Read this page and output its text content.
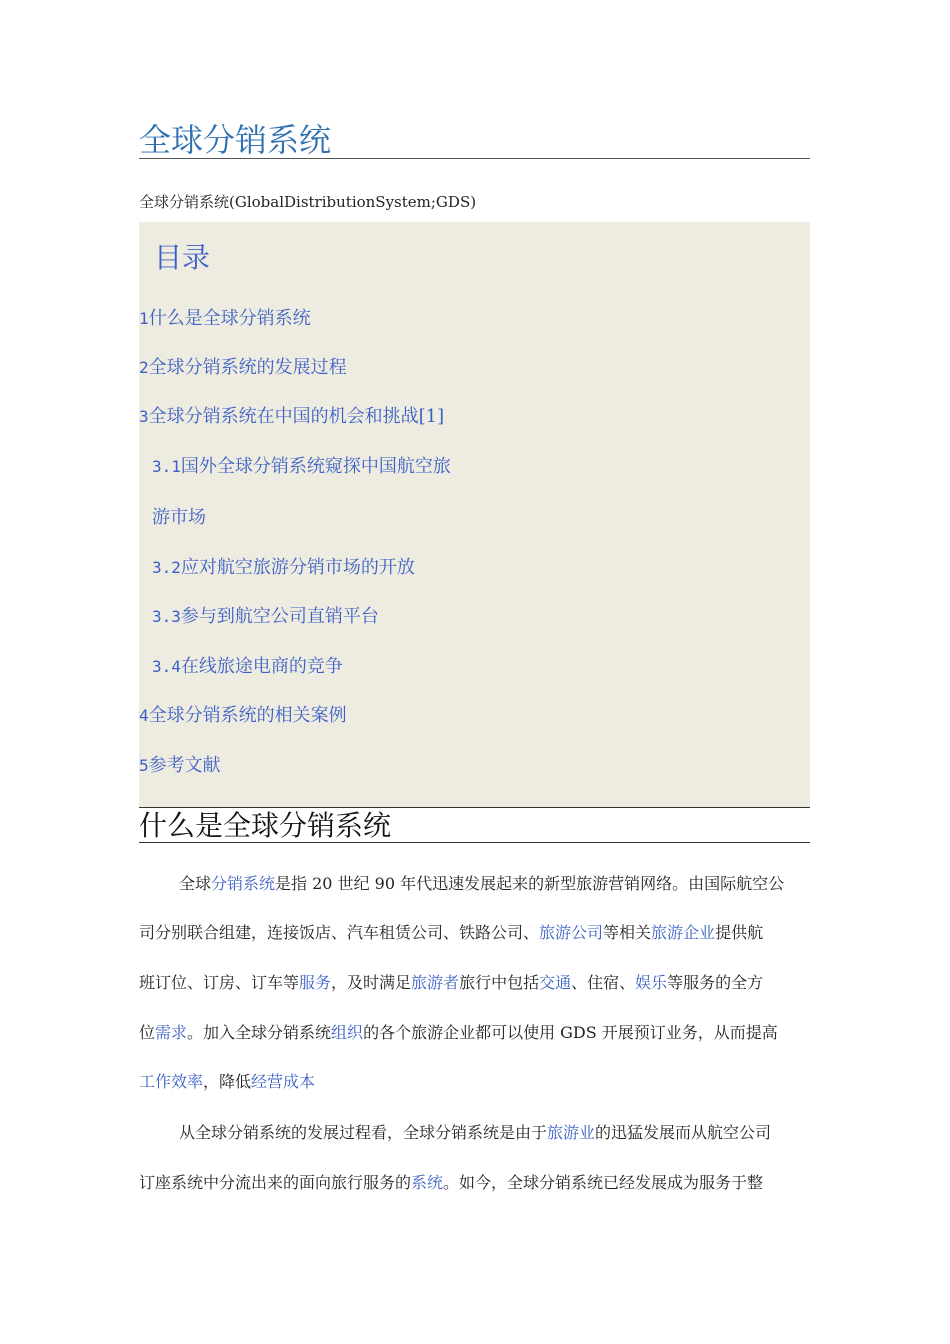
全球分销系统
全球分销系统(GlobalDistributionSystem;GDS)
目录
1什么是全球分销系统
2全球分销系统的发展过程
3全球分销系统在中国的机会和挑战[1]
3.1国外全球分销系统窥探中国航空旅
游市场
3.2应对航空旅游分销市场的开放
3.3参与到航空公司直销平台
3.4在线旅途电商的竞争
4全球分销系统的相关案例
5参考文献
什么是全球分销系统
全球分销系统是指 20 世纪 90 年代迅速发展起来的新型旅游营销网络。由国际航空公
司分别联合组建，连接饭店、汽车租赁公司、铁路公司、旅游公司等相关旅游企业提供航
班订位、订房、订车等服务，及时满足旅游者旅行中包括交通、住宿、娱乐等服务的全方
位需求。加入全球分销系统组织的各个旅游企业都可以使用 GDS 开展预订业务，从而提高
工作效率，降低经营成本
从全球分销系统的发展过程看，全球分销系统是由于旅游业的迅猛发展而从航空公司
订座系统中分流出来的面向旅行服务的系统。如今，全球分销系统已经发展成为服务于整
